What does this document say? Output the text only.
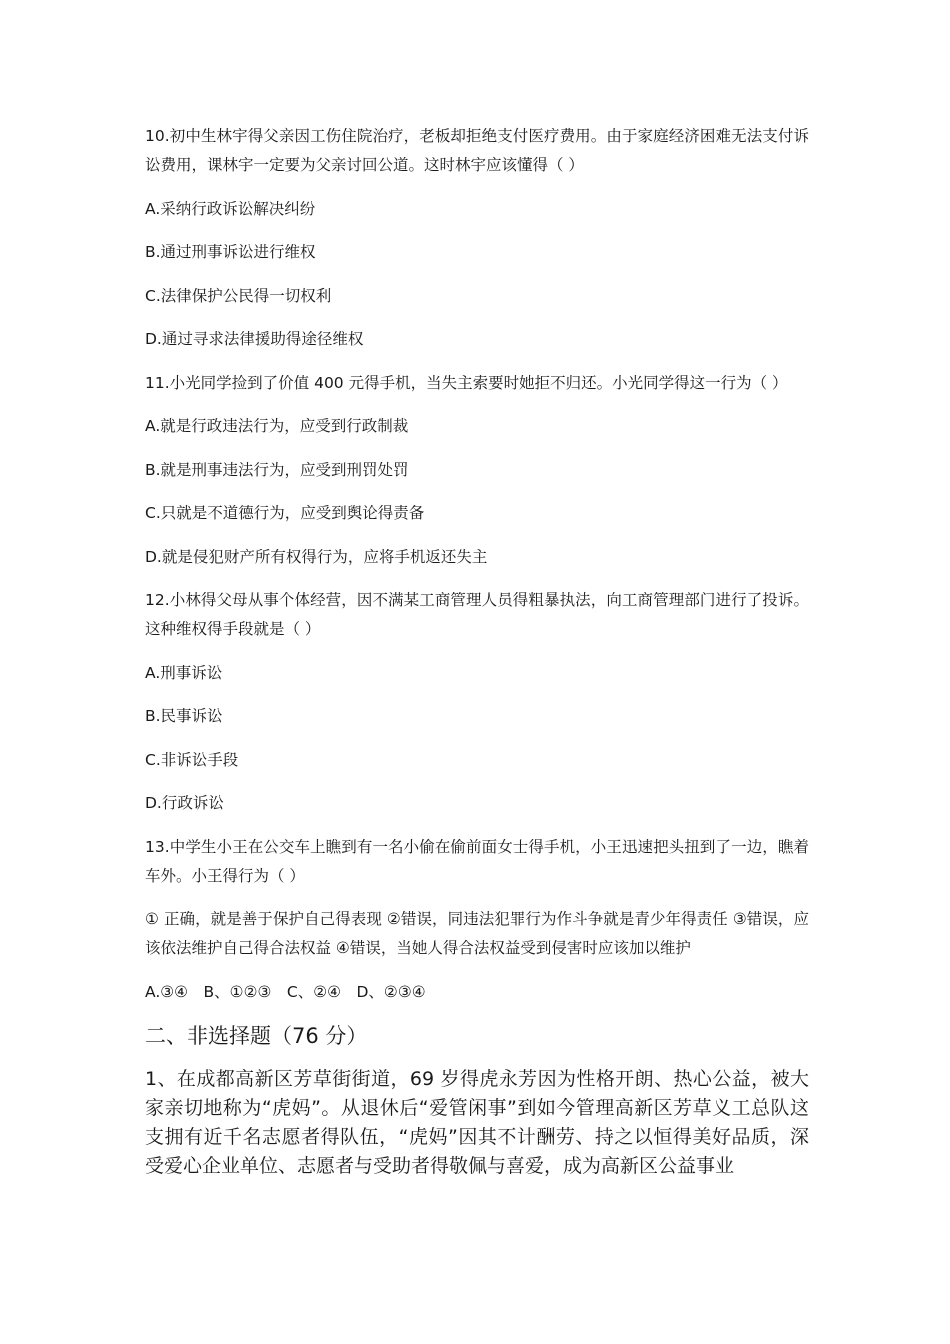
10.初中生林宇得父亲因工伤住院治疗，老板却拒绝支付医疗费用。由于家庭经济困难无法支付诉讼费用，课林宇一定要为父亲讨回公道。这时林宇应该懂得（ ）

A.采纳行政诉讼解决纠纷

B.通过刑事诉讼进行维权

C.法律保护公民得一切权利

D.通过寻求法律援助得途径维权

11.小光同学捡到了价值 400 元得手机，当失主索要时她拒不归还。小光同学得这一行为（ ）

A.就是行政违法行为，应受到行政制裁

B.就是刑事违法行为，应受到刑罚处罚

C.只就是不道德行为，应受到舆论得责备

D.就是侵犯财产所有权得行为，应将手机返还失主

12.小林得父母从事个体经营，因不满某工商管理人员得粗暴执法，向工商管理部门进行了投诉。这种维权得手段就是（ ）

A.刑事诉讼

B.民事诉讼

C.非诉讼手段

D.行政诉讼

13.中学生小王在公交车上瞧到有一名小偷在偷前面女士得手机，小王迅速把头扭到了一边，瞧着车外。小王得行为（ ）

① 正确，就是善于保护自己得表现 ②错误，同违法犯罪行为作斗争就是青少年得责任 ③错误，应该依法维护自己得合法权益 ④错误，当她人得合法权益受到侵害时应该加以维护

A.③④　B、①②③　C、②④　D、②③④

二、非选择题（76 分）

1、在成都高新区芳草街街道，69 岁得虎永芳因为性格开朗、热心公益，被大家亲切地称为“虎妈”。从退休后“爱管闲事”到如今管理高新区芳草义工总队这支拥有近千名志愿者得队伍，“虎妈”因其不计酬劳、持之以恒得美好品质，深受爱心企业单位、志愿者与受助者得敬佩与喜爱，成为高新区公益事业
